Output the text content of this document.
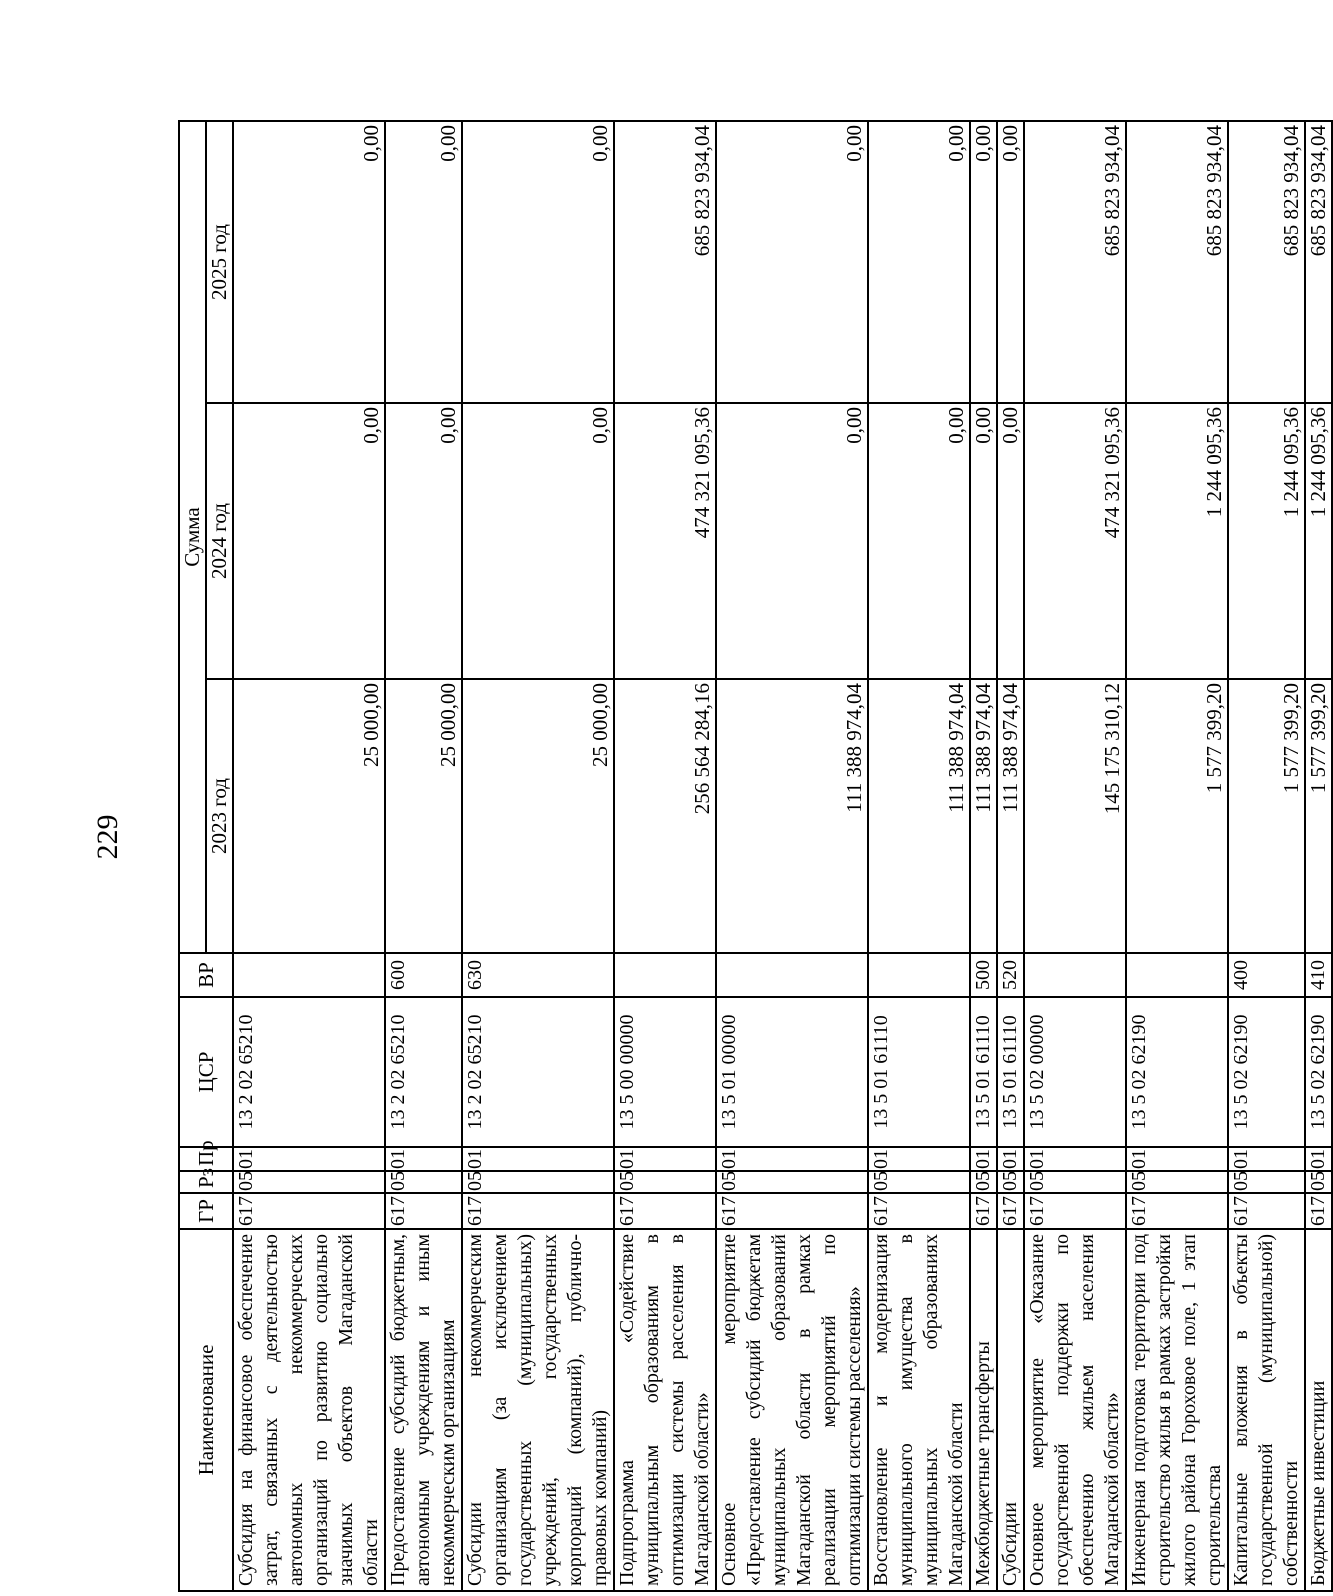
229
Наименование	ГР	Рз	Пр	ЦСР	ВР	Сумма		
						2023 год	2024 год	2025 год
Субсидия на финансовое обеспечение затрат, связанных с деятельностью автономных некоммерческих организаций по развитию социально значимых объектов Магаданской области	617	05	01	13 2 02 65210		25 000,00	0,00	0,00
Предоставление субсидий бюджетным, автономным учреждениям и иным некоммерческим организациям	617	05	01	13 2 02 65210	600	25 000,00	0,00	0,00
Субсидии некоммерческим организациям (за исключением государственных (муниципальных) учреждений, государственных корпораций (компаний), публично-правовых компаний)	617	05	01	13 2 02 65210	630	25 000,00	0,00	0,00
Подпрограмма «Содействие муниципальным образованиям в оптимизации системы расселения в Магаданской области»	617	05	01	13 5 00 00000		256 564 284,16	474 321 095,36	685 823 934,04
Основное мероприятие «Предоставление субсидий бюджетам муниципальных образований Магаданской области в рамках реализации мероприятий по оптимизации системы расселения»	617	05	01	13 5 01 00000		111 388 974,04	0,00	0,00
Восстановление и модернизация муниципального имущества в муниципальных образованиях Магаданской области	617	05	01	13 5 01 61110		111 388 974,04	0,00	0,00
Межбюджетные трансферты	617	05	01	13 5 01 61110	500	111 388 974,04	0,00	0,00
Субсидии	617	05	01	13 5 01 61110	520	111 388 974,04	0,00	0,00
Основное мероприятие «Оказание государственной поддержки по обеспечению жильем населения Магаданской области»	617	05	01	13 5 02 00000		145 175 310,12	474 321 095,36	685 823 934,04
Инженерная подготовка территории под строительство жилья в рамках застройки жилого района Гороховое поле, 1 этап строительства	617	05	01	13 5 02 62190		1 577 399,20	1 244 095,36	685 823 934,04
Капитальные вложения в объекты государственной (муниципальной) собственности	617	05	01	13 5 02 62190	400	1 577 399,20	1 244 095,36	685 823 934,04
Бюджетные инвестиции	617	05	01	13 5 02 62190	410	1 577 399,20	1 244 095,36	685 823 934,04
